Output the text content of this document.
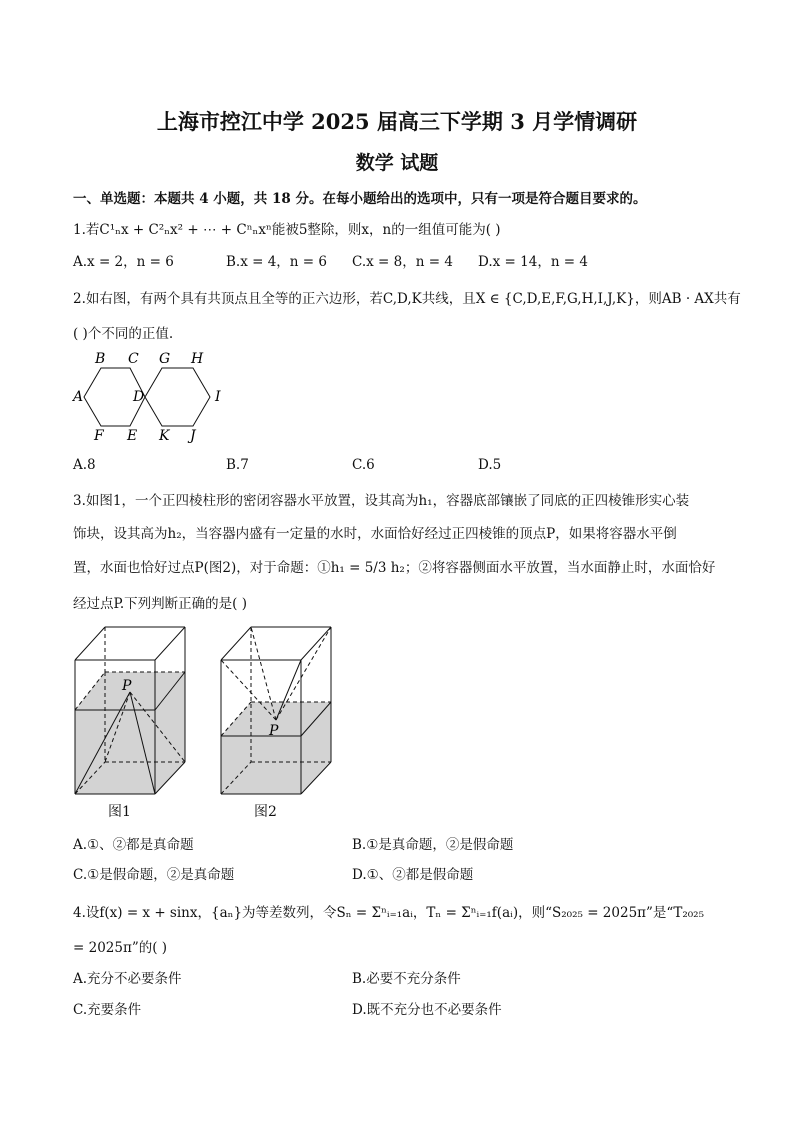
上海市控江中学 2025 届高三下学期 3 月学情调研
数学 试题
一、单选题：本题共 4 小题，共 18 分。在每小题给出的选项中，只有一项是符合题目要求的。
1.若C¹ₙx + C²ₙx² + ⋯ + Cⁿₙxⁿ能被5整除，则x，n的一组值可能为( )
A.x = 2，n = 6	B.x = 4，n = 6 C.x = 8，n = 4 D.x = 14，n = 4
2.如右图，有两个具有共顶点且全等的正六边形，若C,D,K共线，且X ∈ {C,D,E,F,G,H,I,J,K}，则AB · AX共有
( )个不同的正值.
B C G H
A	D	I
F E K J
A.8	B.7	C.6	D.5
3.如图1，一个正四棱柱形的密闭容器水平放置，设其高为h₁，容器底部镶嵌了同底的正四棱锥形实心装
饰块，设其高为h₂，当容器内盛有一定量的水时，水面恰好经过正四棱锥的顶点P，如果将容器水平倒
置，水面也恰好过点P(图2)，对于命题：①h₁ = 5/3 h₂；②将容器侧面水平放置，当水面静止时，水面恰好
经过点P.下列判断正确的是( )
P
图1
P
图2
A.①、②都是真命题	B.①是真命题，②是假命题
C.①是假命题，②是真命题	D.①、②都是假命题
4.设f(x) = x + sinx，{aₙ}为等差数列，令Sₙ = Σⁿᵢ₌₁aᵢ，Tₙ = Σⁿᵢ₌₁f(aᵢ)，则“S₂₀₂₅ = 2025π”是“T₂₀₂₅
= 2025π”的( )
A.充分不必要条件	B.必要不充分条件
C.充要条件	D.既不充分也不必要条件
